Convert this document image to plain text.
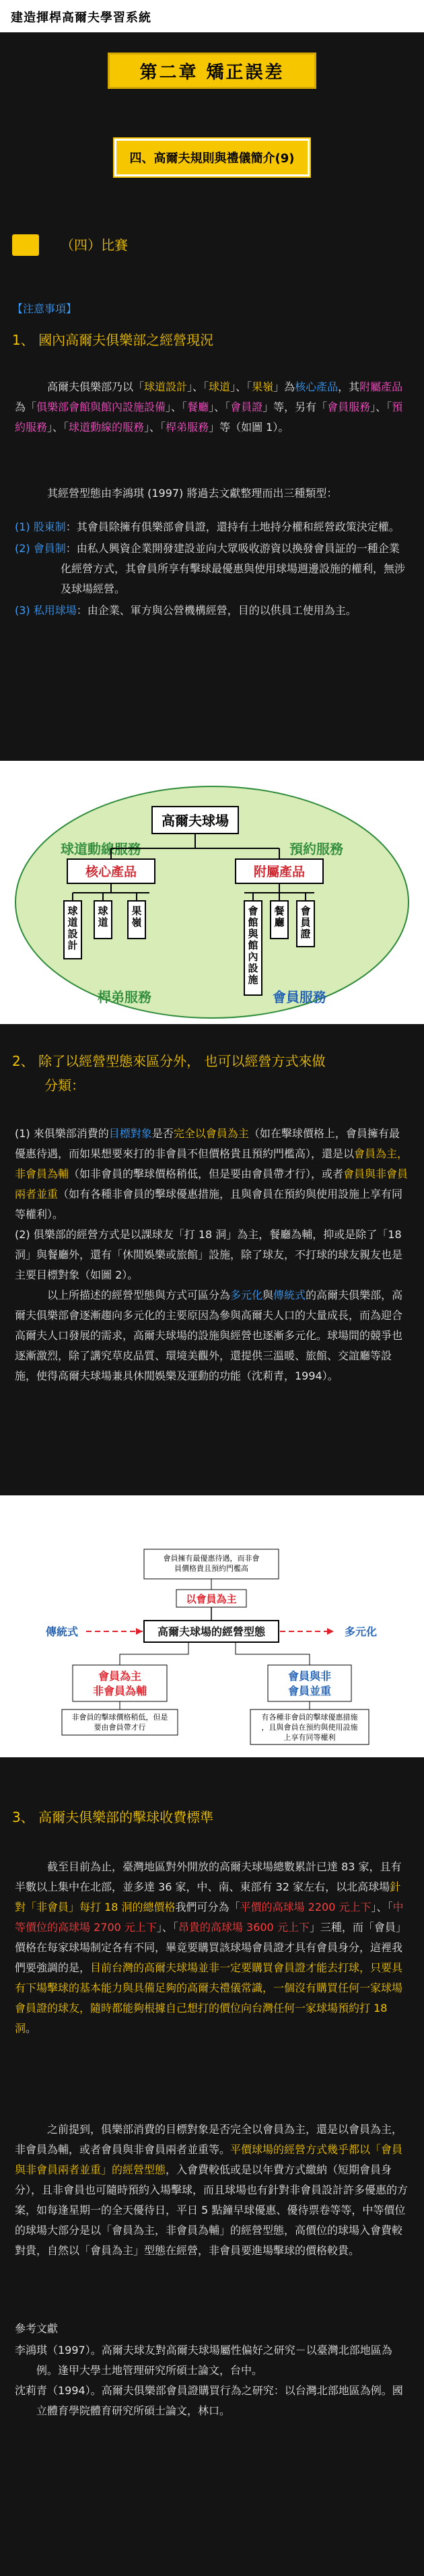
建造揮桿高爾夫學習系統
第二章 矯正誤差
四、高爾夫規則與禮儀簡介(9)
（四）比賽
【注意事項】
1、 國內高爾夫俱樂部之經營現況
高爾夫俱樂部乃以「球道設計」、「球道」、「果嶺」為核心產品，其附屬產品為「俱樂部會館與館內設施設備」、「餐廳」、「會員證」等，另有「會員服務」、「預約服務」、「球道動線的服務」、「桿弟服務」等（如圖 1）。
其經營型態由李鴻琪 (1997) 將過去文獻整理而出三種類型：
(1) 股東制：其會員除擁有俱樂部會員證，還持有土地持分權和經營政策決定權。
(2) 會員制：由私人興資企業開發建設並向大眾吸收游資以換發會員証的一種企業化經營方式，其會員所享有擊球最優惠與使用球場週邊設施的權利，無涉及球場經營。
(3) 私用球場：由企業、軍方與公營機構經營，目的以供員工使用為主。
高爾夫球場
球道動線服務	預約服務
核心產品	附屬產品
球
道
設
計
球
道
果
嶺
會
館
與
館
內
設
施
餐
廳
會
員
證
桿弟服務	會員服務
2、 除了以經營型態來區分外， 也可以經營方式來做
分類：
(1) 來俱樂部消費的目標對象是否完全以會員為主（如在擊球價格上，會員擁有最優惠待遇，而如果想要來打的非會員不但價格貴且預約門檻高），還是以會員為主，非會員為輔（如非會員的擊球價格稍低，但是要由會員帶才行），或者會員與非會員兩者並重（如有各種非會員的擊球優惠措施，且與會員在預約與使用設施上享有同等權利）。
(2) 俱樂部的經營方式是以課球友「打 18 洞」為主，餐廳為輔，抑或是除了「18 洞」與餐廳外，還有「休閒娛樂或旅館」設施，除了球友，不打球的球友親友也是主要目標對象（如圖 2）。
以上所描述的經營型態與方式可區分為多元化與傳統式的高爾夫俱樂部，高爾夫俱樂部會逐漸趨向多元化的主要原因為參與高爾夫人口的大量成長，而為迎合高爾夫人口發展的需求，高爾夫球場的設施與經營也逐漸多元化。球場間的競爭也逐漸激烈，除了講究草皮品質、環境美觀外，還提供三溫暖、旅館、交誼廳等設施，使得高爾夫球場兼具休閒娛樂及運動的功能（沈莉青，1994）。
會員擁有最優惠待遇，而非會員價格貴且預約門檻高
以會員為主
高爾夫球場的經營型態
傳統式	多元化
會員為主非會員為輔
會員與非會員並重
非會員的擊球價格稍低，但是要由會員帶才行
有各種非會員的擊球優惠措施，且與會員在預約與使用設施上享有同等權利
3、 高爾夫俱樂部的擊球收費標準
截至目前為止，臺灣地區對外開放的高爾夫球場總數累計已達 83 家，且有半數以上集中在北部，並多達 36 家，中、南、東部有 32 家左右，以北高球場針對「非會員」每打 18 洞的總價格我們可分為「平價的高球場 2200 元上下」、「中等價位的高球場 2700 元上下」、「昂貴的高球場 3600 元上下」三種，而「會員」價格在每家球場制定各有不同，畢竟要購買該球場會員證才具有會員身分，這裡我們要強調的是，目前台灣的高爾夫球場並非一定要購買會員證才能去打球，只要具有下場擊球的基本能力與具備足夠的高爾夫禮儀常識，一個沒有購買任何一家球場會員證的球友，隨時都能夠根據自己想打的價位向台灣任何一家球場預約打 18 洞。
之前提到，俱樂部消費的目標對象是否完全以會員為主，還是以會員為主，非會員為輔，或者會員與非會員兩者並重等。平價球場的經營方式幾乎都以「會員與非會員兩者並重」的經營型態，入會費較低或是以年費方式繳納（短期會員身分），且非會員也可隨時預約入場擊球，而且球場也有針對非會員設計許多優惠的方案，如每逢星期一的全天優待日，平日 5 點鐘早球優惠、優待票卷等等，中等價位的球場大部分是以「會員為主，非會員為輔」的經營型態，高價位的球場入會費較對貴，自然以「會員為主」型態在經營，非會員要進場擊球的價格較貴。
參考文獻
李鴻琪（1997）。高爾夫球友對高爾夫球場屬性偏好之研究－以臺灣北部地區為例。逢甲大學土地管理研究所碩士論文，台中。
沈莉青（1994）。高爾夫俱樂部會員證購買行為之研究：以台灣北部地區為例。國立體育學院體育研究所碩士論文，林口。
